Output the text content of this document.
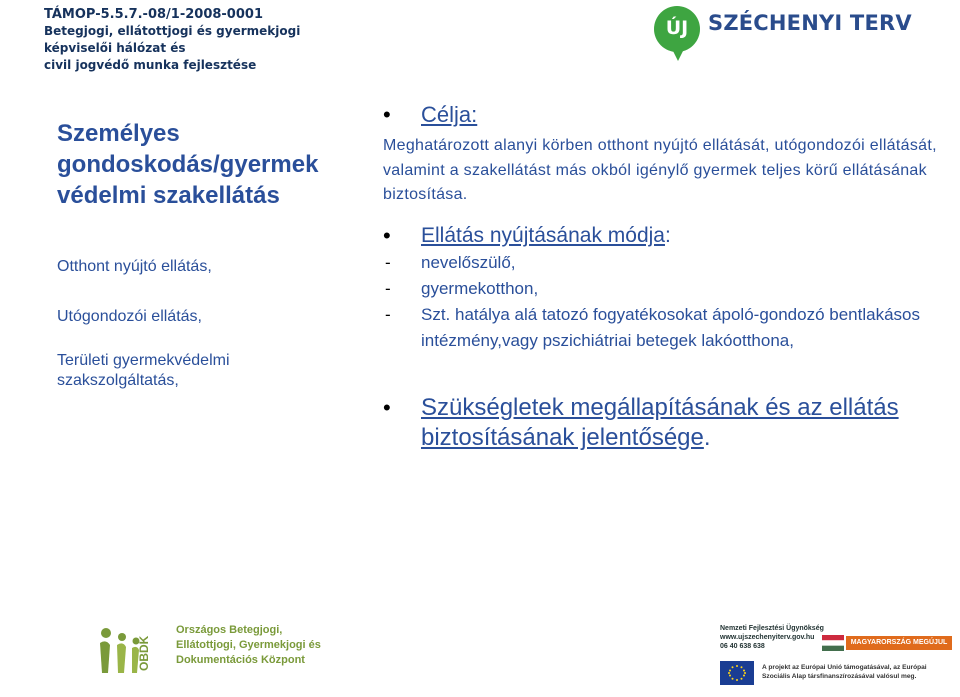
TÁMOP-5.5.7.-08/1-2008-0001
Betegjogi, ellátottjogi és gyermekjogi
képviselői hálózat és
civil jogvédő munka fejlesztése
ÚJ SZÉCHENYI TERV
Személyes gondoskodás/gyermek védelmi szakellátás
Otthont nyújtó ellátás,
Utógondozói ellátás,
Területi gyermekvédelmi szakszolgáltatás,
• Célja:
Meghatározott alanyi körben otthont nyújtó ellátását, utógondozói ellátását, valamint a szakellátást más okból igénylő gyermek teljes körű ellátásának biztosítása.
• Ellátás nyújtásának módja:
- nevelőszülő,
- gyermekotthon,
- Szt. hatálya alá tatozó fogyatékosokat ápoló-gondozó bentlakásos intézmény,vagy pszichiátriai betegek lakóotthona,
• Szükségletek megállapításának és az ellátás biztosításának jelentősége.
OBDK
Országos Betegjogi,
Ellátottjogi, Gyermekjogi és
Dokumentációs Központ
Nemzeti Fejlesztési Ügynökség
www.ujszechenyiterv.gov.hu
06 40 638 638
MAGYARORSZÁG MEGÚJUL
A projekt az Európai Unió támogatásával, az Európai
Szociális Alap társfinanszírozásával valósul meg.
